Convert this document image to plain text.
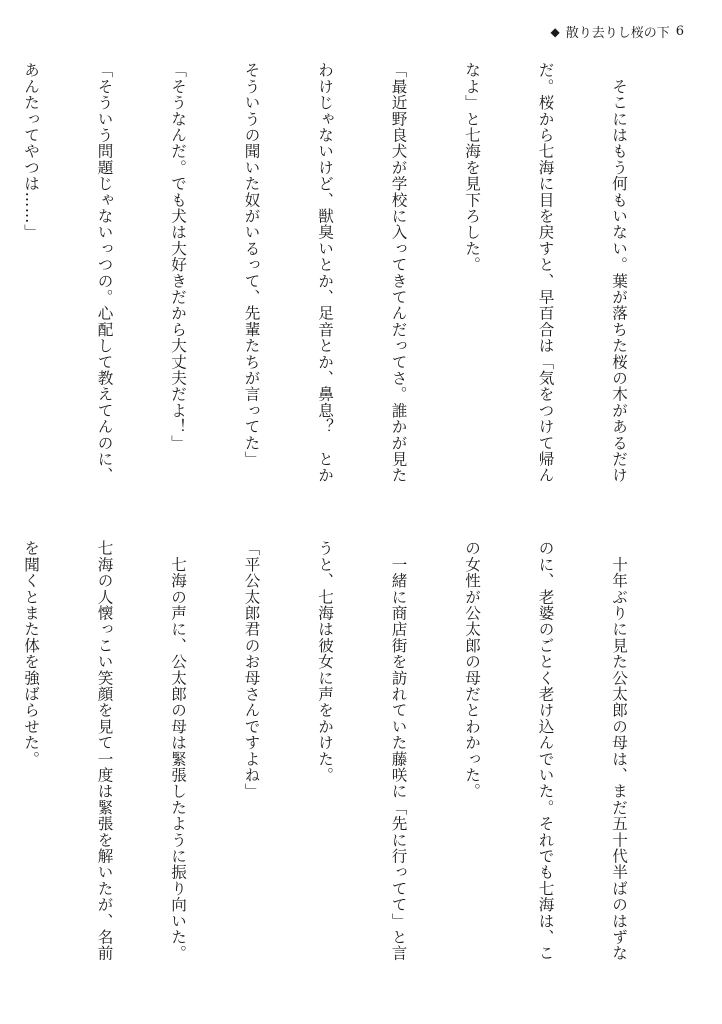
◆ 散り去りし桜の下 6

　そこにはもう何もいない。葉が落ちた桜の木があるだけ

だ。桜から七海に目を戻すと、早百合は「気をつけて帰ん

なよ」と七海を見下ろした。

「最近野良犬が学校に入ってきてんだってさ。誰かが見た

わけじゃないけど、獣臭いとか、足音とか、鼻息？　とか

そういうの聞いた奴がいるって、先輩たちが言ってた」

「そうなんだ。でも犬は大好きだから大丈夫だよ！」

「そういう問題じゃないっつの。心配して教えてんのに、

あんたってやつは……」

　十年ぶりに見た公太郎の母は、まだ五十代半ばのはずな

のに、老婆のごとく老け込んでいた。それでも七海は、こ

の女性が公太郎の母だとわかった。

　一緒に商店街を訪れていた藤咲に「先に行ってて」と言

うと、七海は彼女に声をかけた。

「平公太郎君のお母さんですよね」

　七海の声に、公太郎の母は緊張したように振り向いた。

七海の人懐っこい笑顔を見て一度は緊張を解いたが、名前

を聞くとまた体を強ばらせた。
